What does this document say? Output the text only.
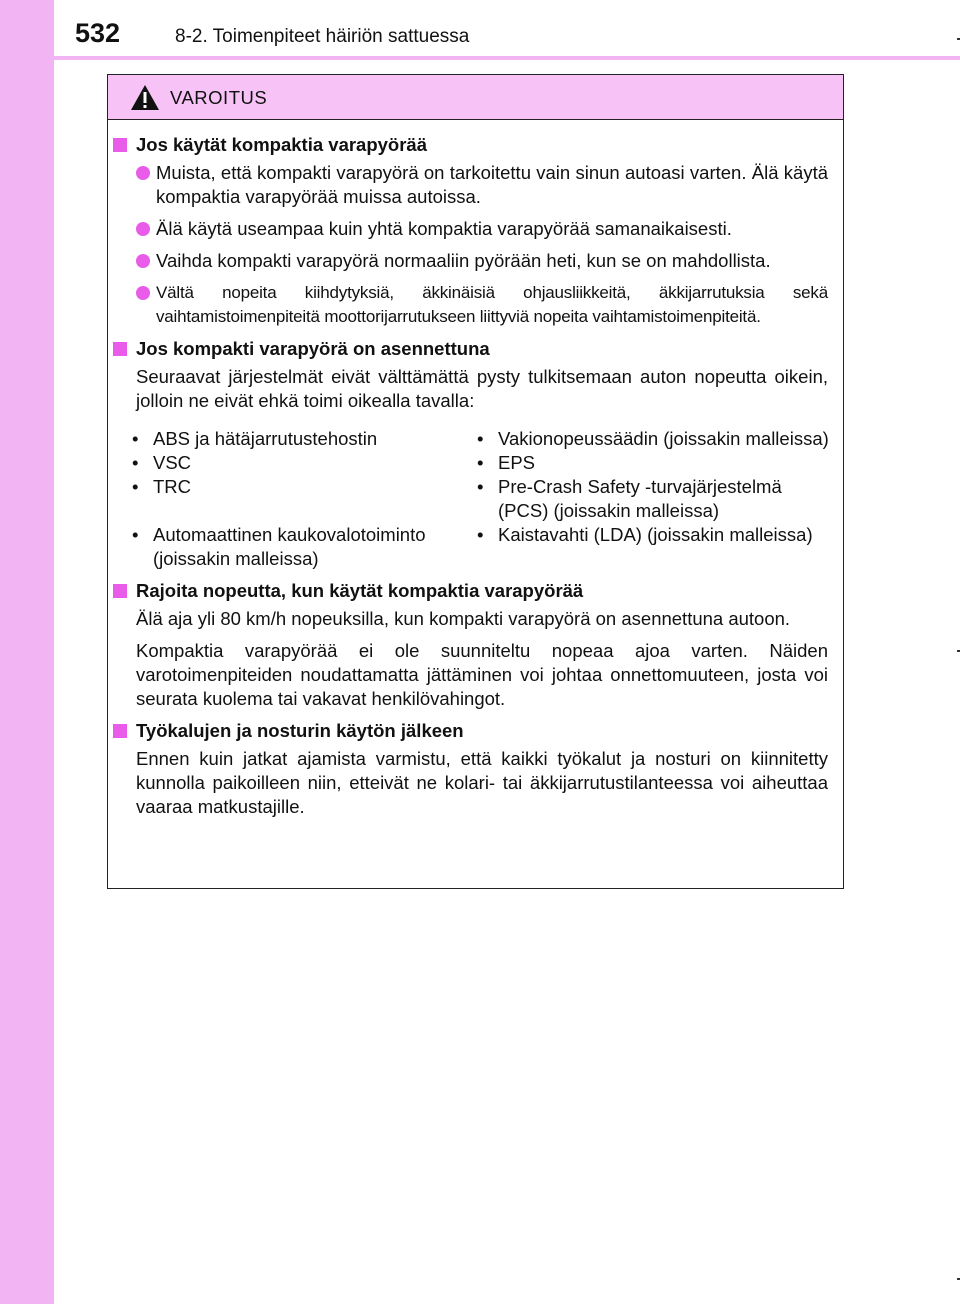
532	8-2. Toimenpiteet häiriön sattuessa
VAROITUS
Jos käytät kompaktia varapyörää
Muista, että kompakti varapyörä on tarkoitettu vain sinun autoasi varten. Älä käytä kompaktia varapyörää muissa autoissa.
Älä käytä useampaa kuin yhtä kompaktia varapyörää samanaikaisesti.
Vaihda kompakti varapyörä normaaliin pyörään heti, kun se on mahdollista.
Vältä nopeita kiihdytyksiä, äkkinäisiä ohjausliikkeitä, äkkijarrutuksia sekä vaihtamistoimenpiteitä moottorijarrutukseen liittyviä nopeita vaihtamistoimenpiteitä.
Jos kompakti varapyörä on asennettuna
Seuraavat järjestelmät eivät välttämättä pysty tulkitsemaan auton nopeutta oikein, jolloin ne eivät ehkä toimi oikealla tavalla:
• ABS ja hätäjarrutustehostin
•	Vakionopeussäädin (joissakin malleissa)
• VSC
• TRC
• EPS
• Pre-Crash Safety -turvajärjestelmä (PCS) (joissakin malleissa)
• Automaattinen kaukovalotoiminto (joissakin malleissa)
• Kaistavahti (LDA) (joissakin malleissa)
Rajoita nopeutta, kun käytät kompaktia varapyörää
Älä aja yli 80 km/h nopeuksilla, kun kompakti varapyörä on asennettuna autoon.
Kompaktia varapyörää ei ole suunniteltu nopeaa ajoa varten. Näiden varotoimenpiteiden noudattamatta jättäminen voi johtaa onnettomuuteen, josta voi seurata kuolema tai vakavat henkilövahingot.
Työkalujen ja nosturin käytön jälkeen
Ennen kuin jatkat ajamista varmistu, että kaikki työkalut ja nosturi on kiinnitetty kunnolla paikoilleen niin, etteivät ne kolari- tai äkkijarrutustilanteessa voi aiheuttaa vaaraa matkustajille.
